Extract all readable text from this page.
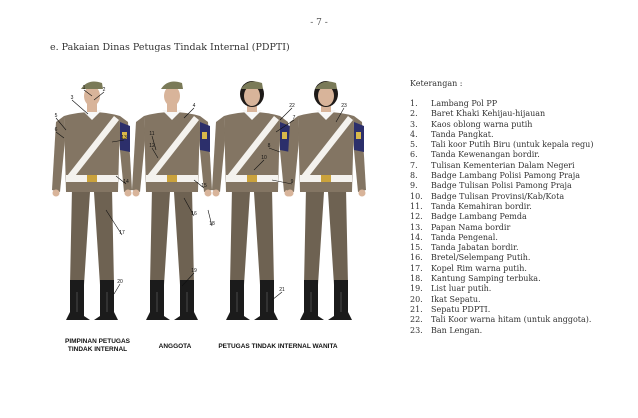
- 7 -
e. Pakaian Dinas Petugas Tindak Internal (PDPTI)
1	2
3
4
5
6
7
8
9
10
11
12
13
14
15
16
17
18
19
20
21
22	23
PIMPINAN PETUGAS
TINDAK INTERNAL	ANGGOTA	PETUGAS TINDAK INTERNAL WANITA
Keterangan :
1.	Lambang Pol PP
2.	Baret Khaki Kehijau-hijauan
3.	Kaos oblong warna putih
4.	Tanda Pangkat.
5.	Tali koor Putih Biru (untuk kepala regu)
6.	Tanda Kewenangan bordir.
7.	Tulisan Kementerian Dalam Negeri
8.	Badge Lambang Polisi Pamong Praja
9.	Badge Tulisan Polisi Pamong Praja
10.	Badge Tulisan Provinsi/Kab/Kota
11.	Tanda Kemahiran bordir.
12.	Badge Lambang Pemda
13.	Papan Nama bordir
14.	Tanda Pengenal.
15.	Tanda Jabatan bordir.
16.	Bretel/Selempang Putih.
17.	Kopel Rim warna putih.
18.	Kantung Samping terbuka.
19.	List luar putih.
20.	Ikat Sepatu.
21.	Sepatu PDPTI.
22.	Tali Koor warna hitam (untuk anggota).
23.	Ban Lengan.
